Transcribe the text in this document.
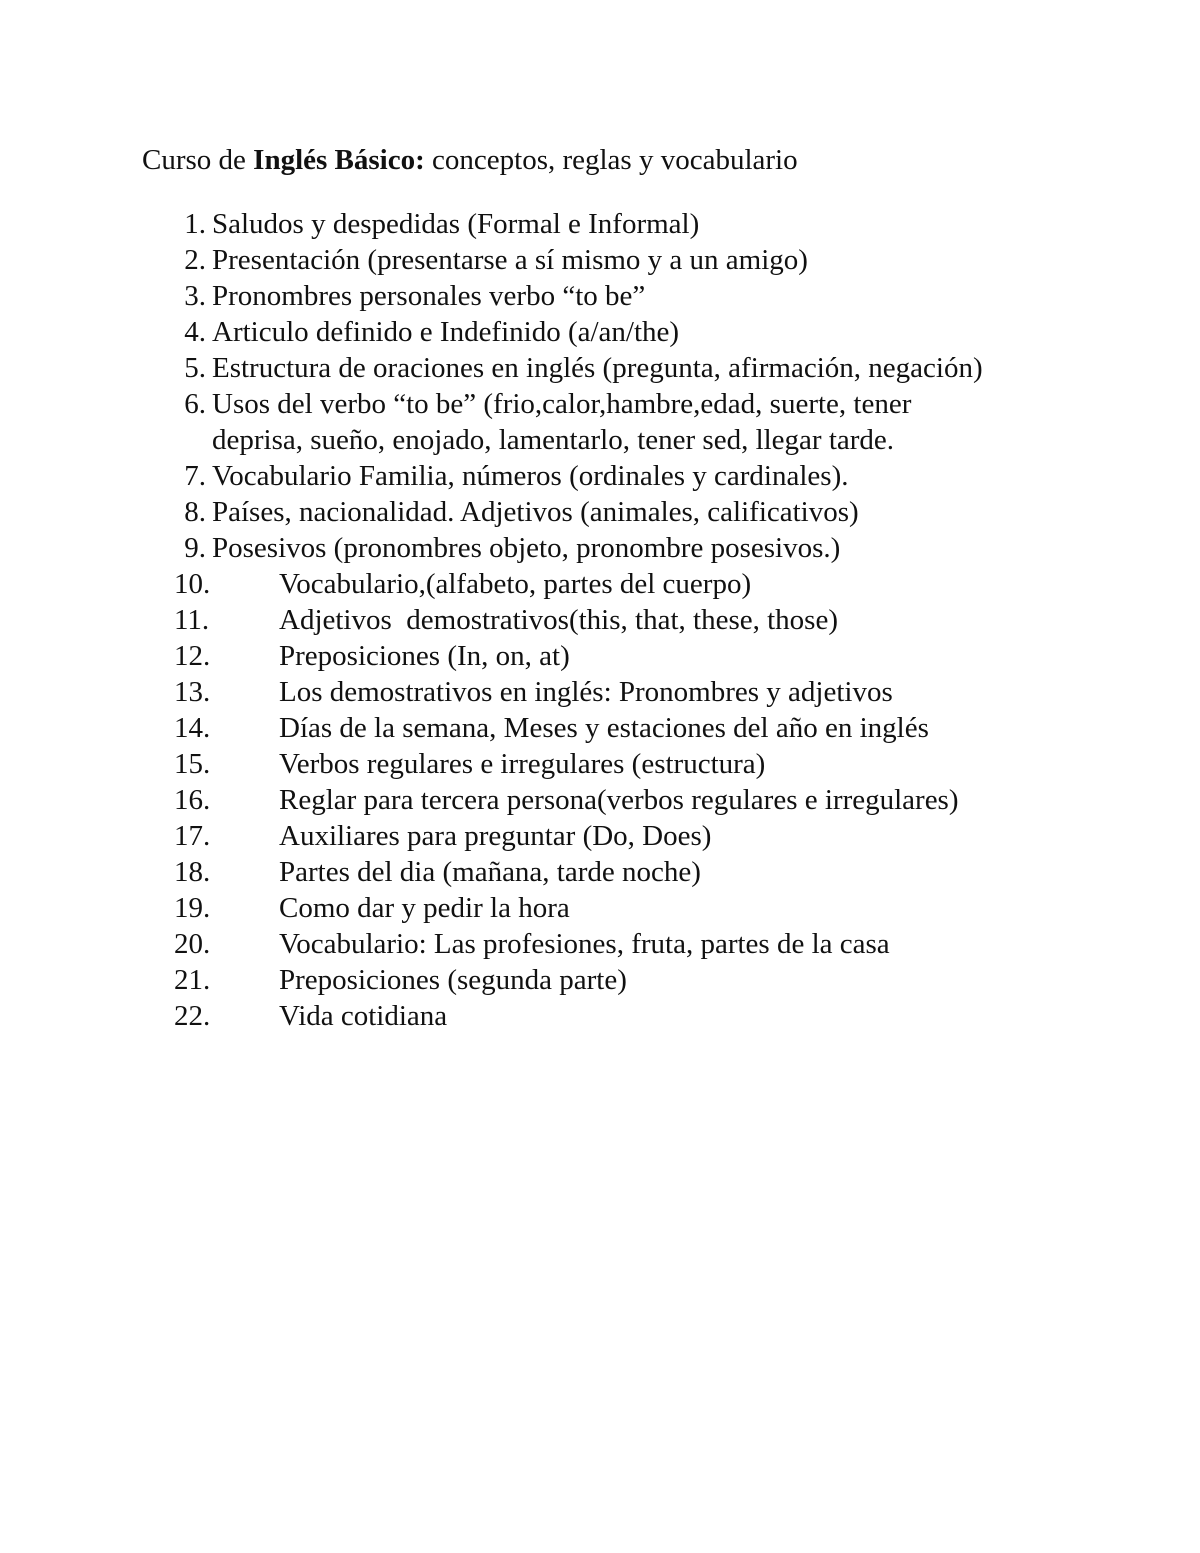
Curso de Inglés Básico: conceptos, reglas y vocabulario
1. Saludos y despedidas (Formal e Informal)
2. Presentación (presentarse a sí mismo y a un amigo)
3. Pronombres personales verbo “to be”
4. Articulo definido e Indefinido (a/an/the)
5. Estructura de oraciones en inglés (pregunta, afirmación, negación)
6. Usos del verbo “to be” (frio,calor,hambre,edad, suerte, tener
deprisa, sueño, enojado, lamentarlo, tener sed, llegar tarde.
7. Vocabulario Familia, números (ordinales y cardinales).
8. Países, nacionalidad. Adjetivos (animales, calificativos)
9. Posesivos (pronombres objeto, pronombre posesivos.)
10.	Vocabulario,(alfabeto, partes del cuerpo)
11.	Adjetivos  demostrativos(this, that, these, those)
12.	Preposiciones (In, on, at)
13.	Los demostrativos en inglés: Pronombres y adjetivos
14.	Días de la semana, Meses y estaciones del año en inglés
15.	Verbos regulares e irregulares (estructura)
16.	Reglar para tercera persona(verbos regulares e irregulares)
17.	Auxiliares para preguntar (Do, Does)
18.	Partes del dia (mañana, tarde noche)
19.	Como dar y pedir la hora
20.	Vocabulario: Las profesiones, fruta, partes de la casa
21.	Preposiciones (segunda parte)
22.	Vida cotidiana
